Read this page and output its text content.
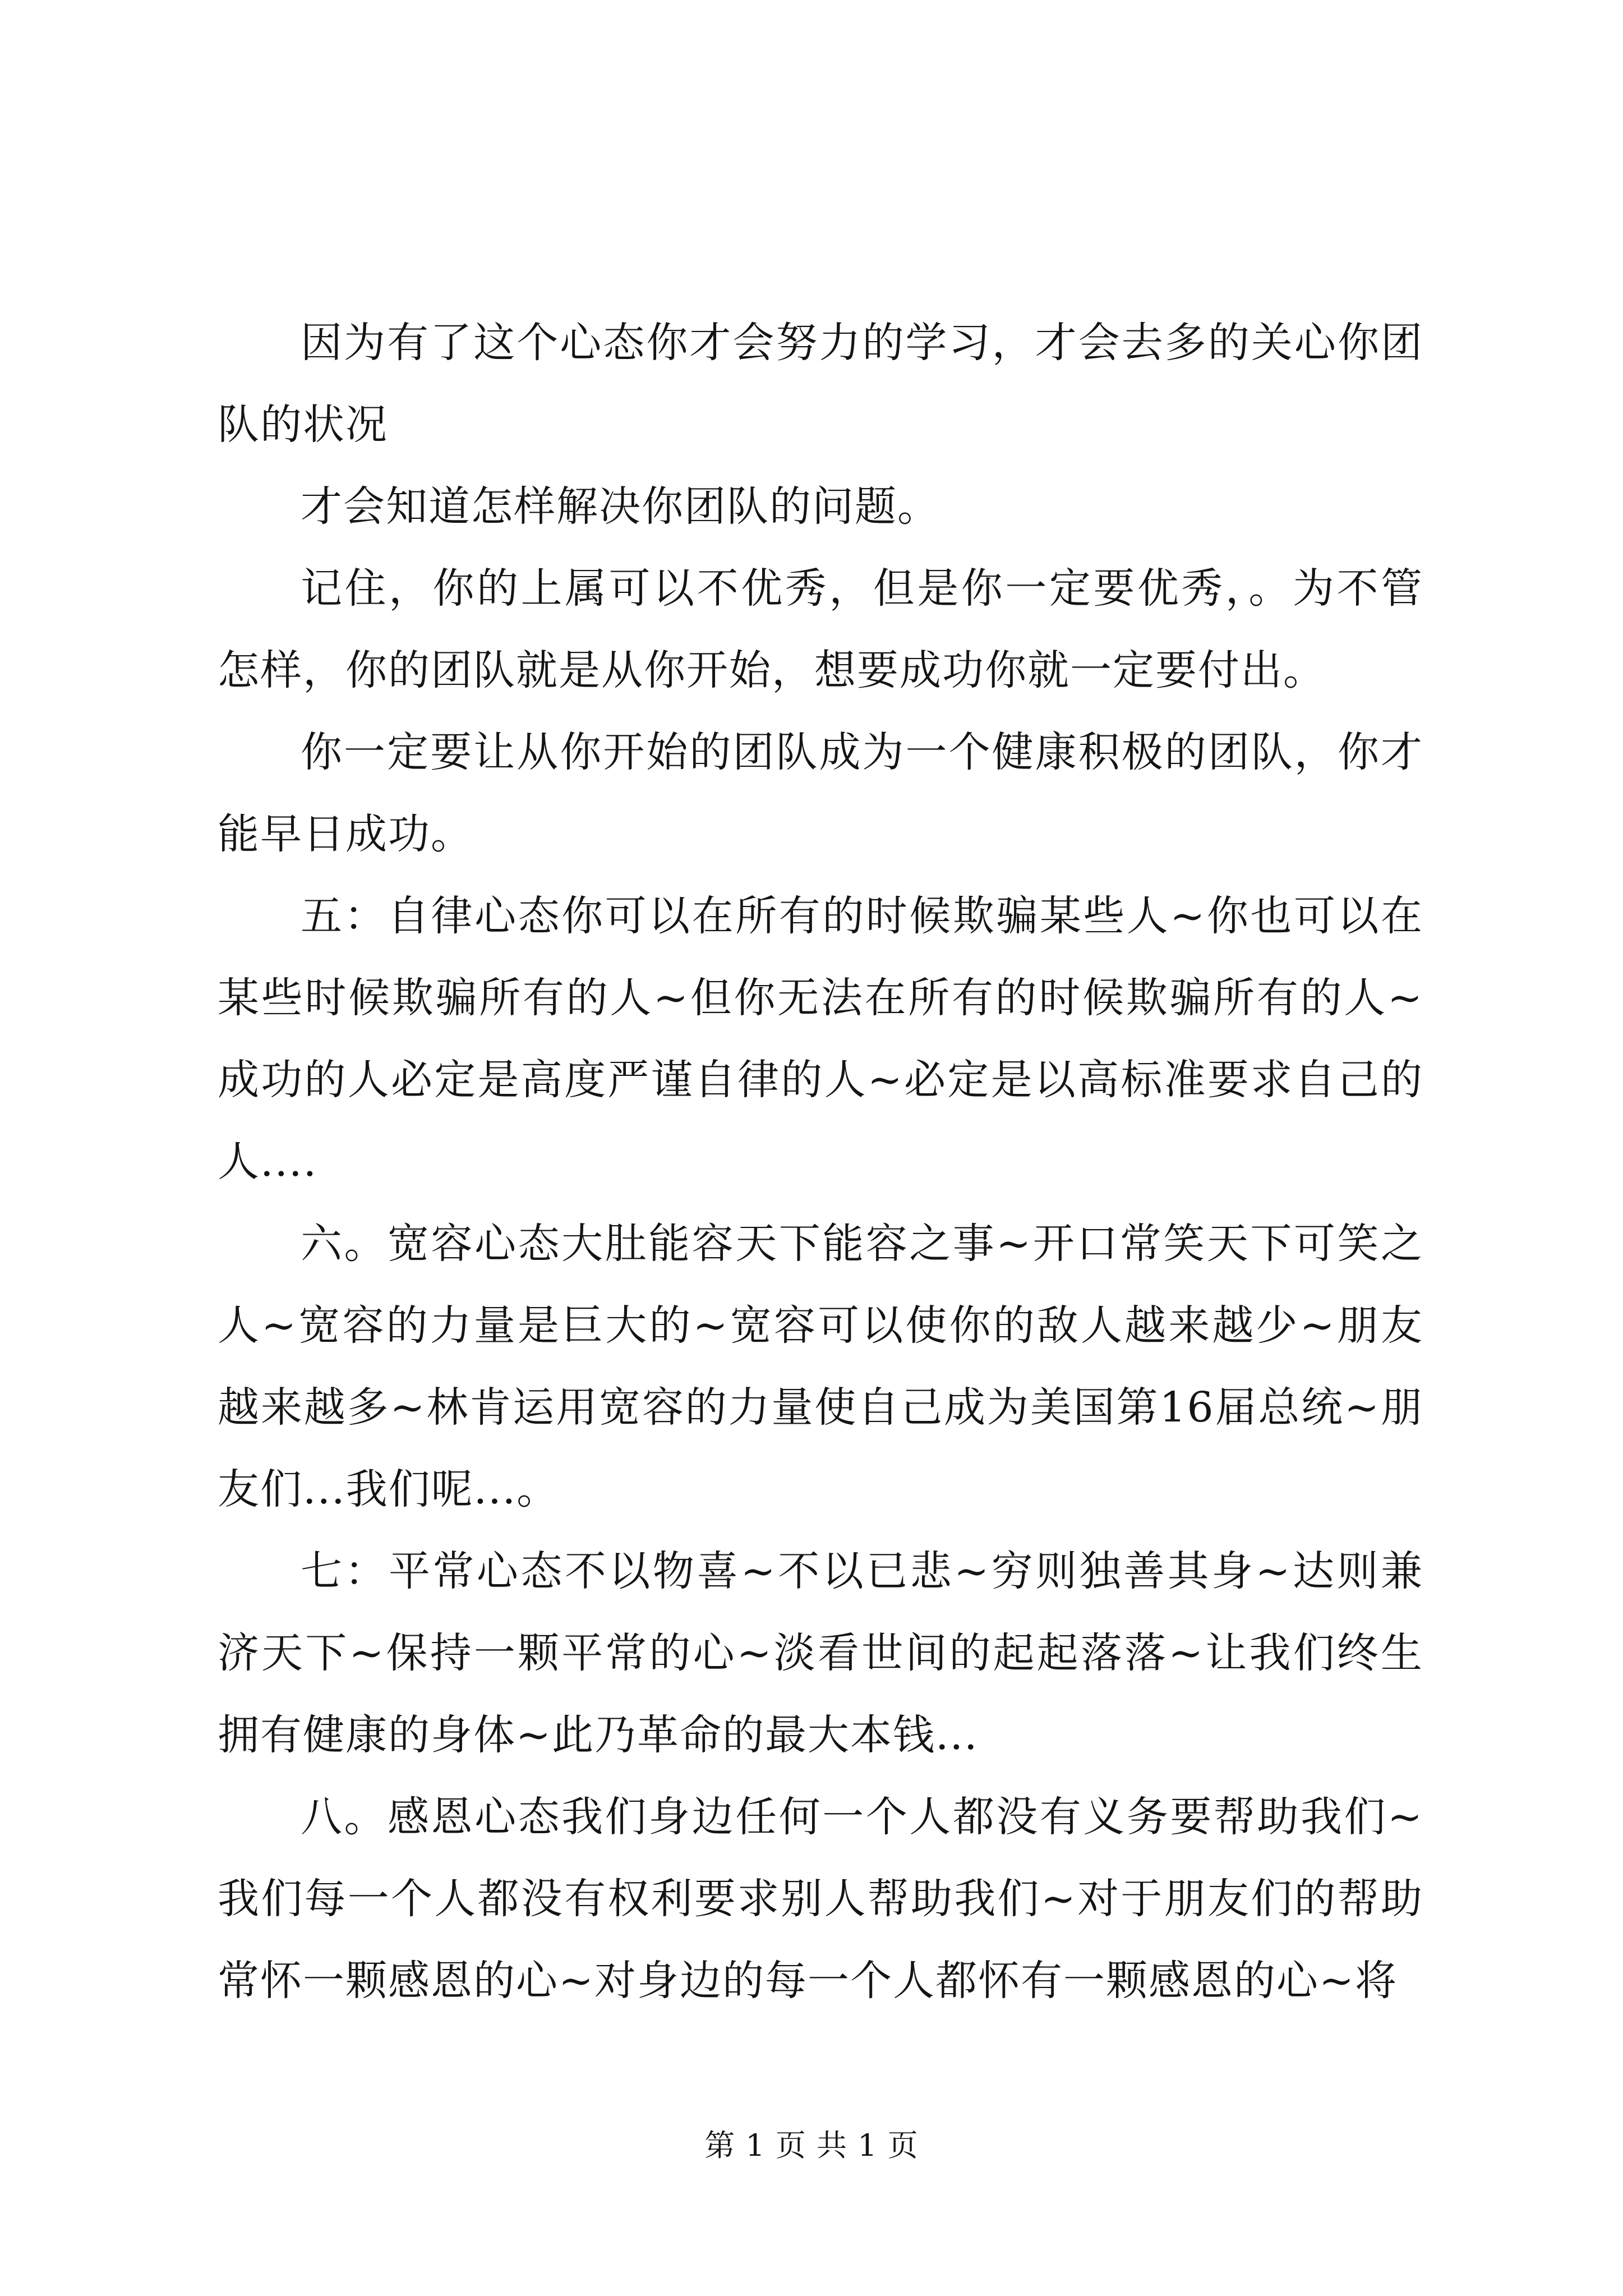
因为有了这个心态你才会努力的学习，才会去多的关心你团队的状况

才会知道怎样解决你团队的问题。

记住，你的上属可以不优秀，但是你一定要优秀，。为不管怎样，你的团队就是从你开始，想要成功你就一定要付出。

你一定要让从你开始的团队成为一个健康积极的团队，你才能早日成功。

五：自律心态你可以在所有的时候欺骗某些人~你也可以在某些时候欺骗所有的人~但你无法在所有的时候欺骗所有的人~成功的人必定是高度严谨自律的人~必定是以高标准要求自己的人....

六。宽容心态大肚能容天下能容之事~开口常笑天下可笑之人~宽容的力量是巨大的~宽容可以使你的敌人越来越少~朋友越来越多~林肯运用宽容的力量使自己成为美国第16届总统~朋友们...我们呢...。

七：平常心态不以物喜~不以已悲~穷则独善其身~达则兼济天下~保持一颗平常的心~淡看世间的起起落落~让我们终生拥有健康的身体~此乃革命的最大本钱...

八。感恩心态我们身边任何一个人都没有义务要帮助我们~我们每一个人都没有权利要求别人帮助我们~对于朋友们的帮助常怀一颗感恩的心~对身边的每一个人都怀有一颗感恩的心~将

第 1 页 共 1 页
